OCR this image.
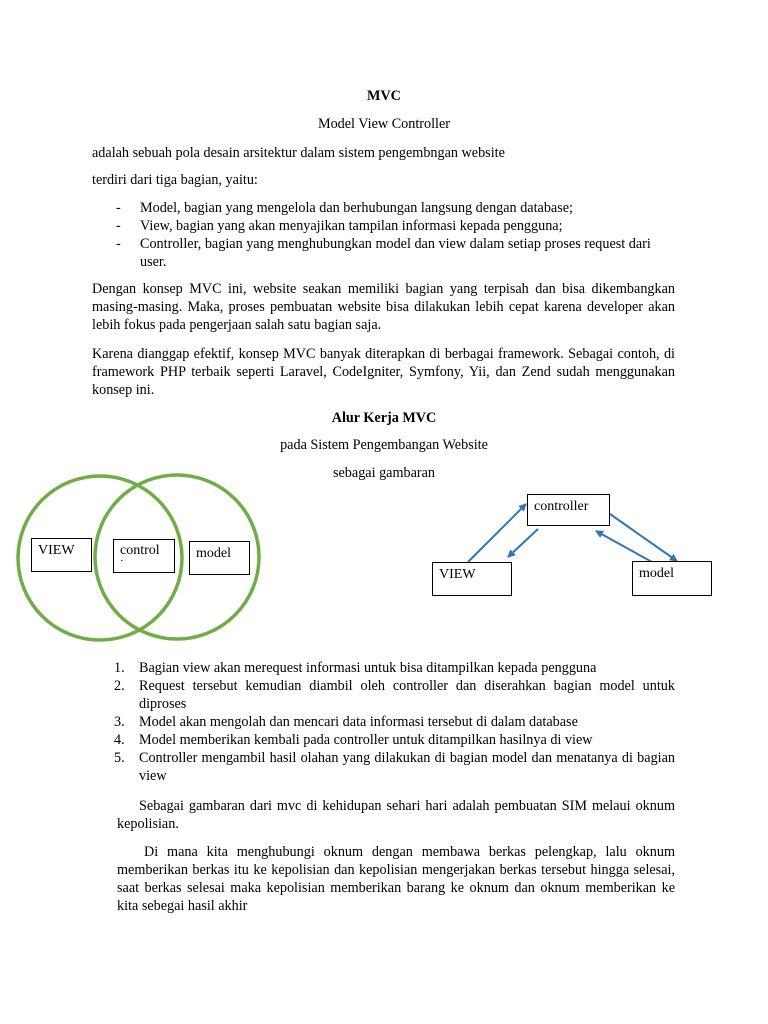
MVC
Model View Controller
adalah sebuah pola desain arsitektur dalam sistem pengembngan website
terdiri dari tiga bagian, yaitu:
- Model, bagian yang mengelola dan berhubungan langsung dengan database;
- View, bagian yang akan menyajikan tampilan informasi kepada pengguna;
- Controller, bagian yang menghubungkan model dan view dalam setiap proses request dari user.
Dengan konsep MVC ini, website seakan memiliki bagian yang terpisah dan bisa dikembangkan masing-masing. Maka, proses pembuatan website bisa dilakukan lebih cepat karena developer akan lebih fokus pada pengerjaan salah satu bagian saja.
Karena dianggap efektif, konsep MVC banyak diterapkan di berbagai framework. Sebagai contoh, di framework PHP terbaik seperti Laravel, CodeIgniter, Symfony, Yii, dan Zend sudah menggunakan konsep ini.
Alur Kerja MVC
pada Sistem Pengembangan Website
sebagai gambaran
VIEW	control
·	model
controller
VIEW	model
1. Bagian view akan merequest informasi untuk bisa ditampilkan kepada pengguna
2. Request tersebut kemudian diambil oleh controller dan diserahkan bagian model untuk diproses
3. Model akan mengolah dan mencari data informasi tersebut di dalam database
4. Model memberikan kembali pada controller untuk ditampilkan hasilnya di view
5. Controller mengambil hasil olahan yang dilakukan di bagian model dan menatanya di bagian view
Sebagai gambaran dari mvc di kehidupan sehari hari adalah pembuatan SIM melaui oknum kepolisian.
Di mana kita menghubungi oknum dengan membawa berkas pelengkap, lalu oknum memberikan berkas itu ke kepolisian dan kepolisian mengerjakan berkas tersebut hingga selesai, saat berkas selesai maka kepolisian memberikan barang ke oknum dan oknum memberikan ke kita sebegai hasil akhir
